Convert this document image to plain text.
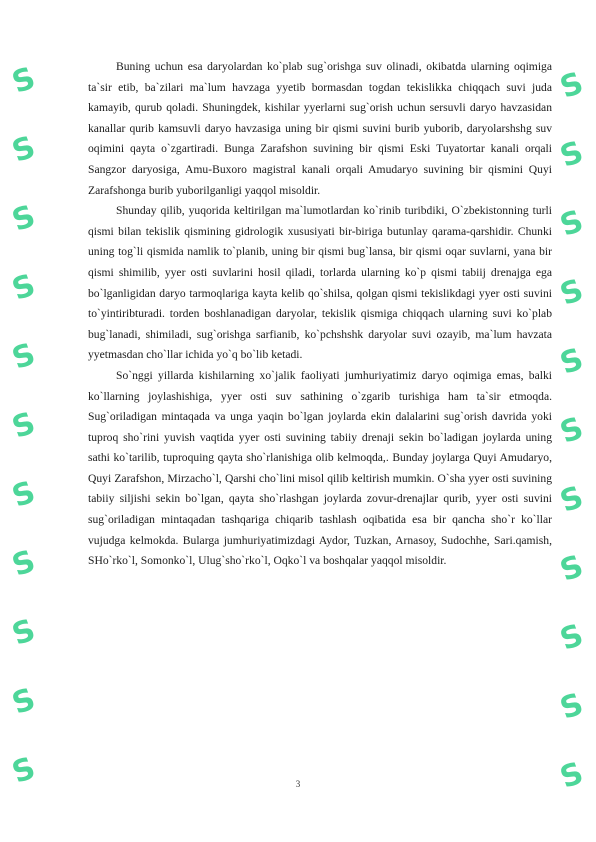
S
S
S
S
S
S
S
S
S
S
S
S
S
S
S
S
S
S
S
S
S
S

Buning uchun esa daryolardan ko`plab sug`orishga suv olinadi, okibatda ularning oqimiga ta`sir etib, ba`zilari ma`lum havzaga yyetib bormasdan togdan tekislikka chiqqach suvi juda kamayib, qurub qoladi. Shuningdek, kishilar yyerlarni sug`orish uchun sersuvli daryo havzasidan kanallar qurib kamsuvli daryo havzasiga uning bir qismi suvini burib yuborib, daryolarshshg suv oqimini qayta o`zgartiradi. Bunga Zarafshon suvining bir qismi Eski Tuyatortar kanali orqali Sangzor daryosiga, Amu-Buxoro magistral kanali orqali Amudaryo suvining bir qismini Quyi Zarafshonga burib yuborilganligi yaqqol misoldir.

Shunday qilib, yuqorida keltirilgan ma`lumotlardan ko`rinib turibdiki, O`zbekistonning turli qismi bilan tekislik qismining gidrologik xususiyati bir-biriga butunlay qarama-qarshidir. Chunki uning tog`li qismida namlik to`planib, uning bir qismi bug`lansa, bir qismi oqar suvlarni, yana bir qismi shimilib, yyer osti suvlarini hosil qiladi, torlarda ularning ko`p qismi tabiij drenajga ega bo`lganligidan daryo tarmoqlariga kayta kelib qo`shilsa, qolgan qismi tekislikdagi yyer osti suvini to`yintiribturadi. torden boshlanadigan daryolar, tekislik qismiga chiqqach ularning suvi ko`plab bug`lanadi, shimiladi, sug`orishga sarfianib, ko`pchshshk daryolar suvi ozayib, ma`lum havzata yyetmasdan cho`llar ichida yo`q bo`lib ketadi.

So`nggi yillarda kishilarning xo`jalik faoliyati jumhuriyatimiz daryo oqimiga emas, balki ko`llarning joylashishiga, yyer osti suv sathining o`zgarib turishiga ham ta`sir etmoqda. Sug`oriladigan mintaqada va unga yaqin bo`lgan joylarda ekin dalalarini sug`orish davrida yoki tuproq sho`rini yuvish vaqtida yyer osti suvining tabiiy drenaji sekin bo`ladigan joylarda uning sathi ko`tarilib, tuproquing qayta sho`rlanishiga olib kelmoqda,. Bunday joylarga Quyi Amudaryo, Quyi Zarafshon, Mirzacho`l, Qarshi cho`lini misol qilib keltirish mumkin. O`sha yyer osti suvining tabiiy siljishi sekin bo`lgan, qayta sho`rlashgan joylarda zovur-drenajlar qurib, yyer osti suvini sug`oriladigan mintaqadan tashqariga chiqarib tashlash oqibatida esa bir qancha sho`r ko`llar vujudga kelmokda. Bularga jumhuriyatimizdagi Aydor, Tuzkan, Arnasoy, Sudochhe, Sari.qamish, SHo`rko`l, Somonko`l, Ulug`sho`rko`l, Oqko`l va boshqalar yaqqol misoldir.

3
